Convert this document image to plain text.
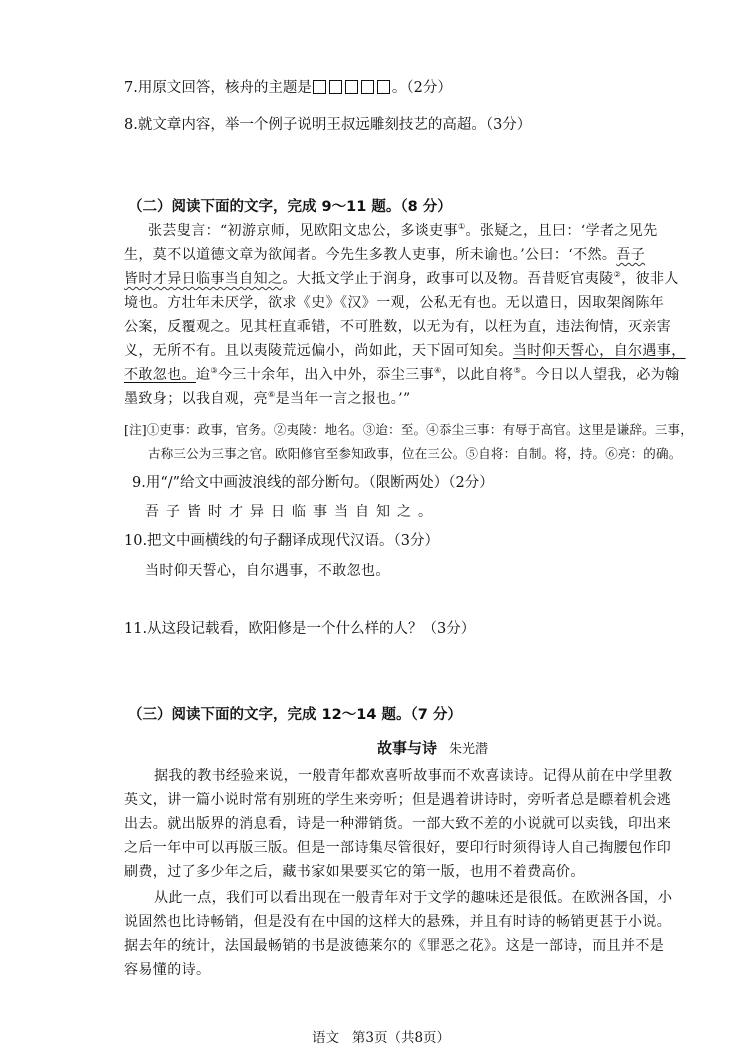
7.用原文回答，核舟的主题是	。（2分）
8.就文章内容，举一个例子说明王叔远雕刻技艺的高超。（3分）
（二）阅读下面的文字，完成 9～11 题。（8 分）
张芸叟言：“初游京师，见欧阳文忠公，多谈吏事①。张疑之，且曰：‘学者之见先
生，莫不以道德文章为欲闻者。今先生多教人吏事，所未谕也。’公曰：‘不然。吾子
皆时才异日临事当自知之。大抵文学止于润身，政事可以及物。吾昔贬官夷陵②，彼非人
境也。方壮年未厌学，欲求《史》《汉》一观，公私无有也。无以遣日，因取架阁陈年
公案，反覆观之。见其枉直乖错，不可胜数，以无为有，以枉为直，违法徇情，灭亲害
义，无所不有。且以夷陵荒远偏小，尚如此，天下固可知矣。当时仰天誓心，自尔遇事，
不敢忽也。迨③今三十余年，出入中外，忝尘三事④，以此自将⑤。今日以人望我，必为翰
墨致身；以我自观，亮⑥是当年一言之报也。’”
[注]①吏事：政事，官务。②夷陵：地名。③迨：至。④忝尘三事：有辱于高官。这里是谦辞。三事，
古称三公为三事之官。欧阳修官至参知政事，位在三公。⑤自将：自制。将，持。⑥亮：的确。
9.用“/”给文中画波浪线的部分断句。（限断两处）（2分）
吾子皆时才异日临事当自知之。
10.把文中画横线的句子翻译成现代汉语。（3分）
当时仰天誓心，自尔遇事，不敢忽也。
11.从这段记载看，欧阳修是一个什么样的人？（3分）
（三）阅读下面的文字，完成 12～14 题。（7 分）
故事与诗 朱光潜
据我的教书经验来说，一般青年都欢喜听故事而不欢喜读诗。记得从前在中学里教
英文，讲一篇小说时常有别班的学生来旁听；但是遇着讲诗时，旁听者总是瞟着机会逃
出去。就出版界的消息看，诗是一种滞销货。一部大致不差的小说就可以卖钱，印出来
之后一年中可以再版三版。但是一部诗集尽管很好，要印行时须得诗人自己掏腰包作印
刷费，过了多少年之后，藏书家如果要买它的第一版，也用不着费高价。
从此一点，我们可以看出现在一般青年对于文学的趣味还是很低。在欧洲各国，小
说固然也比诗畅销，但是没有在中国的这样大的悬殊，并且有时诗的畅销更甚于小说。
据去年的统计，法国最畅销的书是波德莱尔的《罪恶之花》。这是一部诗，而且并不是
容易懂的诗。
语文   第3页（共8页）
